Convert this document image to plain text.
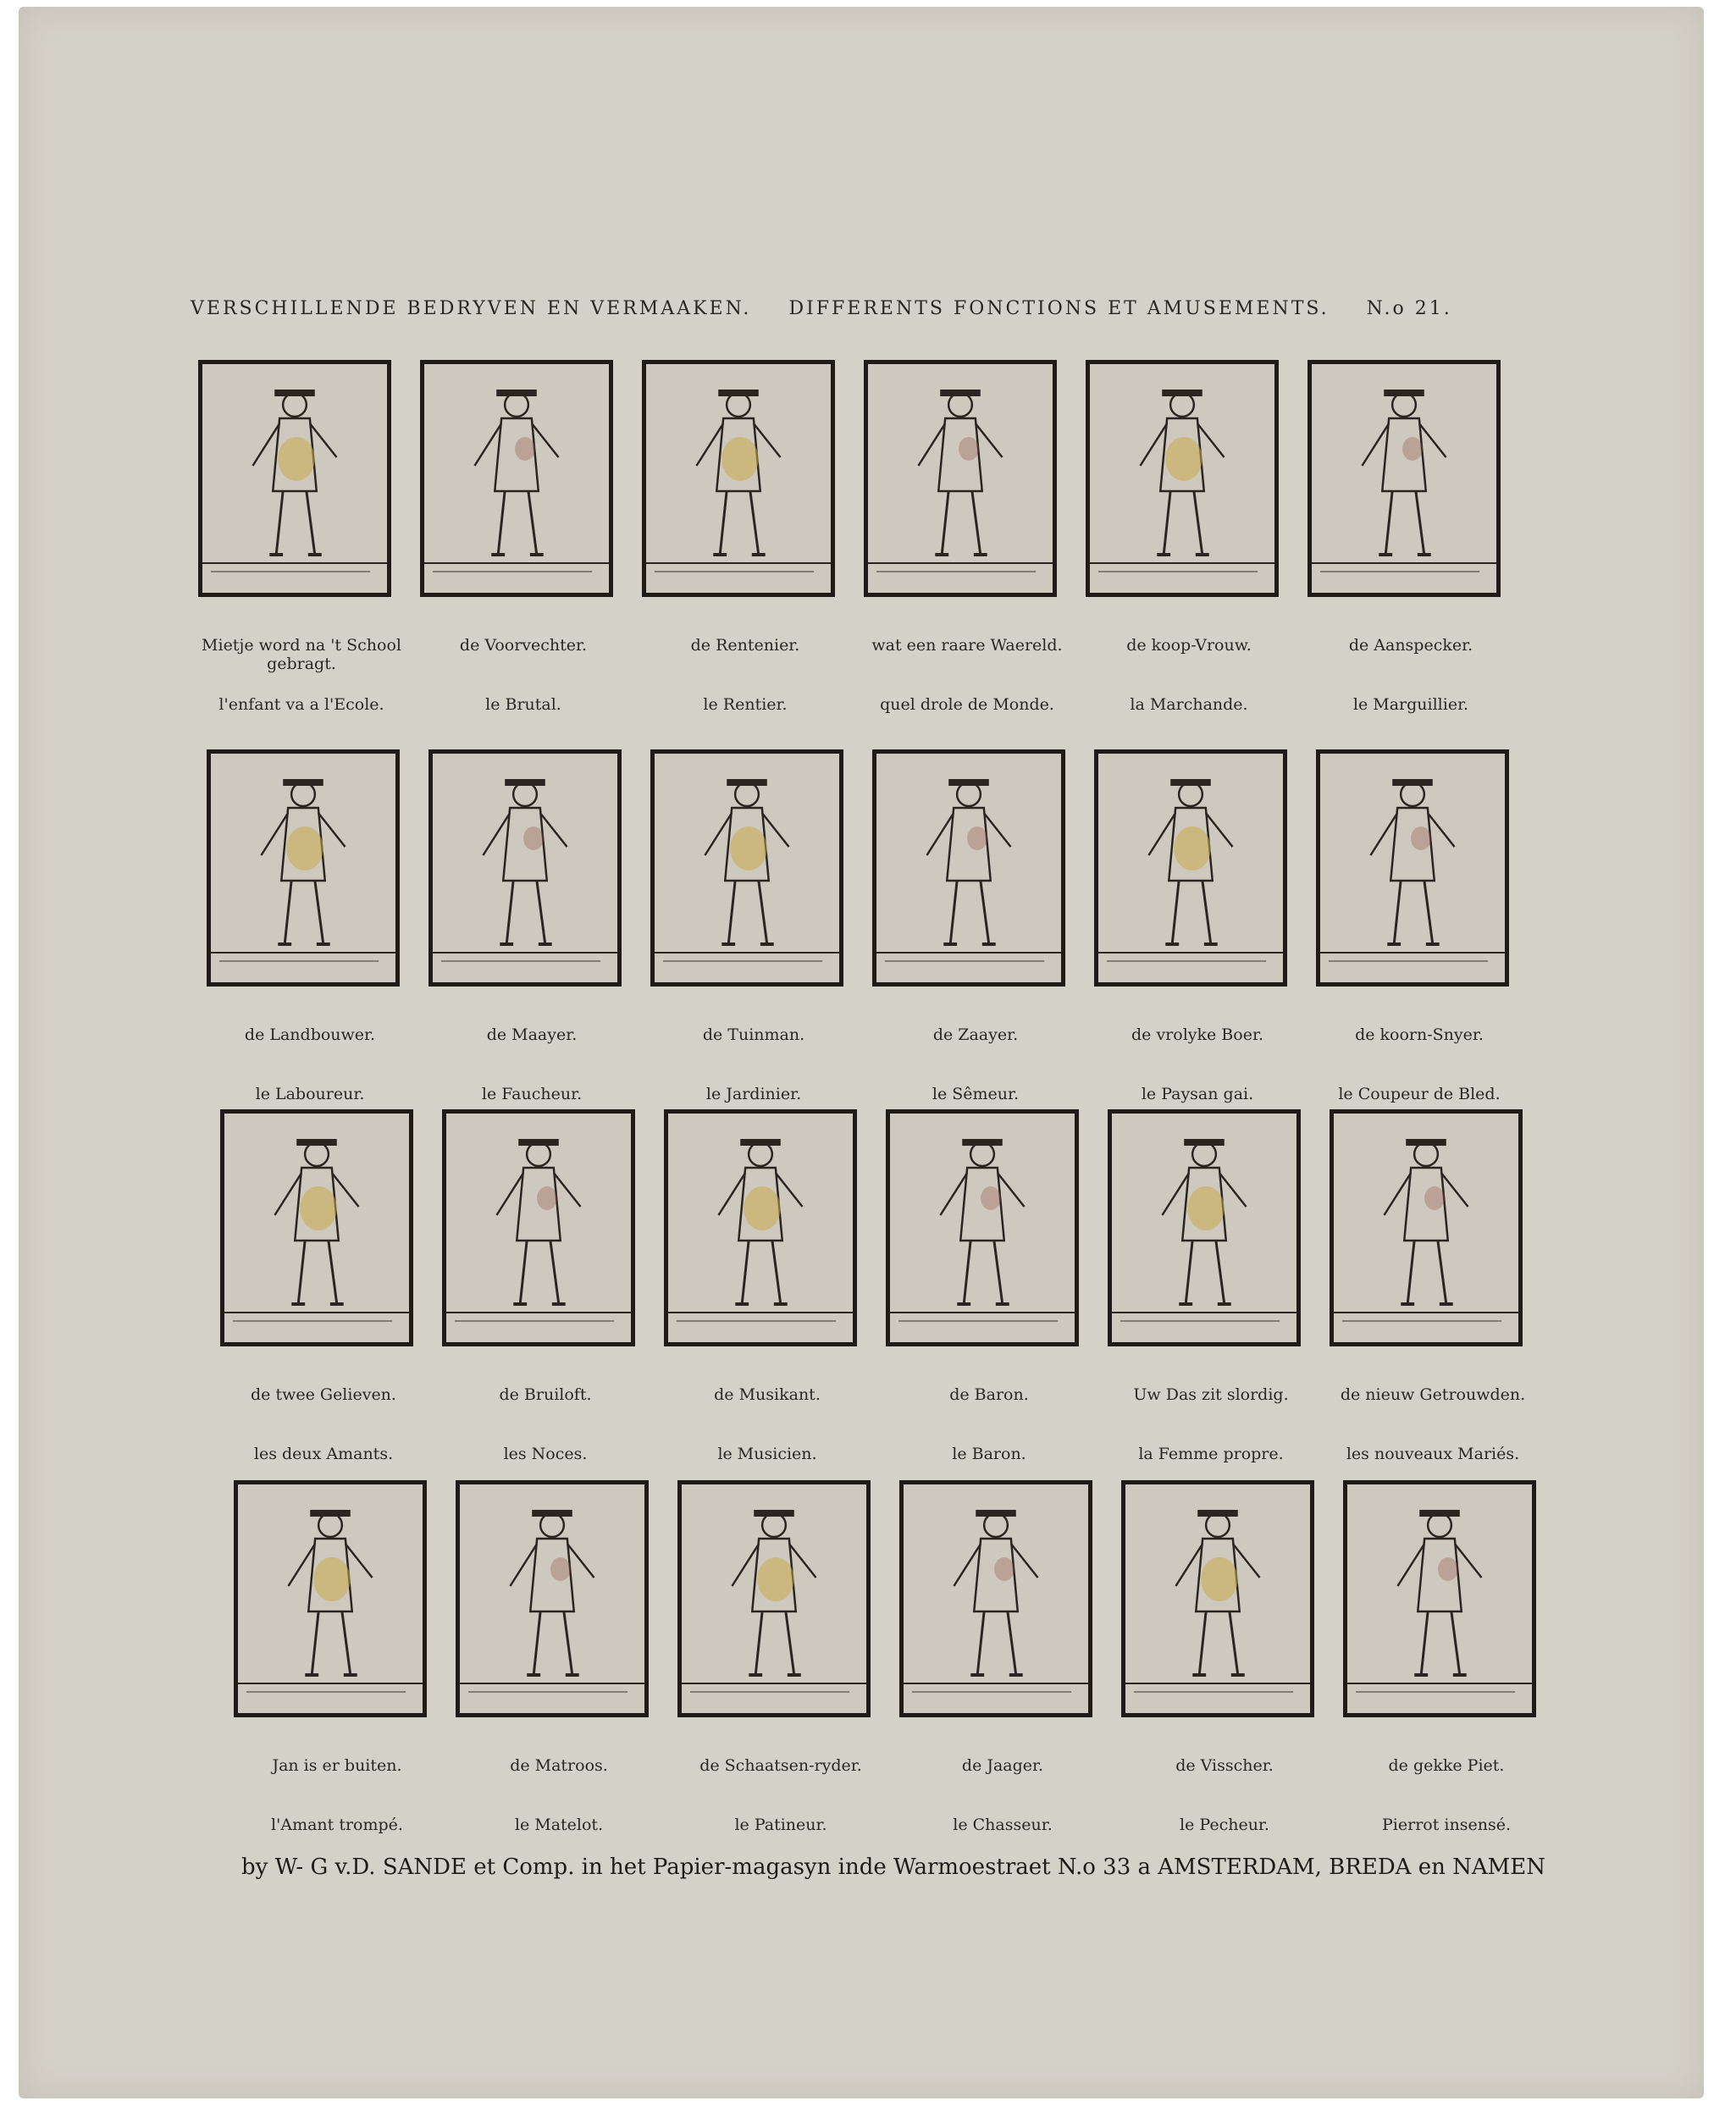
VERSCHILLENDE BEDRYVEN EN VERMAAKEN. DIFFERENTS FONCTIONS ET AMUSEMENTS. N.o 21.
Mietje word na 't School gebragt.
l'enfant va a l'Ecole.
de Voorvechter.
le Brutal.
de Rentenier.
le Rentier.
wat een raare Waereld.
quel drole de Monde.
de koop-Vrouw.
la Marchande.
de Aanspecker.
le Marguillier.
de Landbouwer.
le Laboureur.
de Maayer.
le Faucheur.
de Tuinman.
le Jardinier.
de Zaayer.
le Sêmeur.
de vrolyke Boer.
le Paysan gai.
de koorn-Snyer.
le Coupeur de Bled.
de twee Gelieven.
les deux Amants.
de Bruiloft.
les Noces.
de Musikant.
le Musicien.
de Baron.
le Baron.
Uw Das zit slordig.
la Femme propre.
de nieuw Getrouwden.
les nouveaux Mariés.
Jan is er buiten.
l'Amant trompé.
de Matroos.
le Matelot.
de Schaatsen-ryder.
le Patineur.
de Jaager.
le Chasseur.
de Visscher.
le Pecheur.
de gekke Piet.
Pierrot insensé.
by W- G v.D. SANDE et Comp. in het Papier-magasyn inde Warmoestraet N.o 33 a AMSTERDAM, BREDA en NAMEN
